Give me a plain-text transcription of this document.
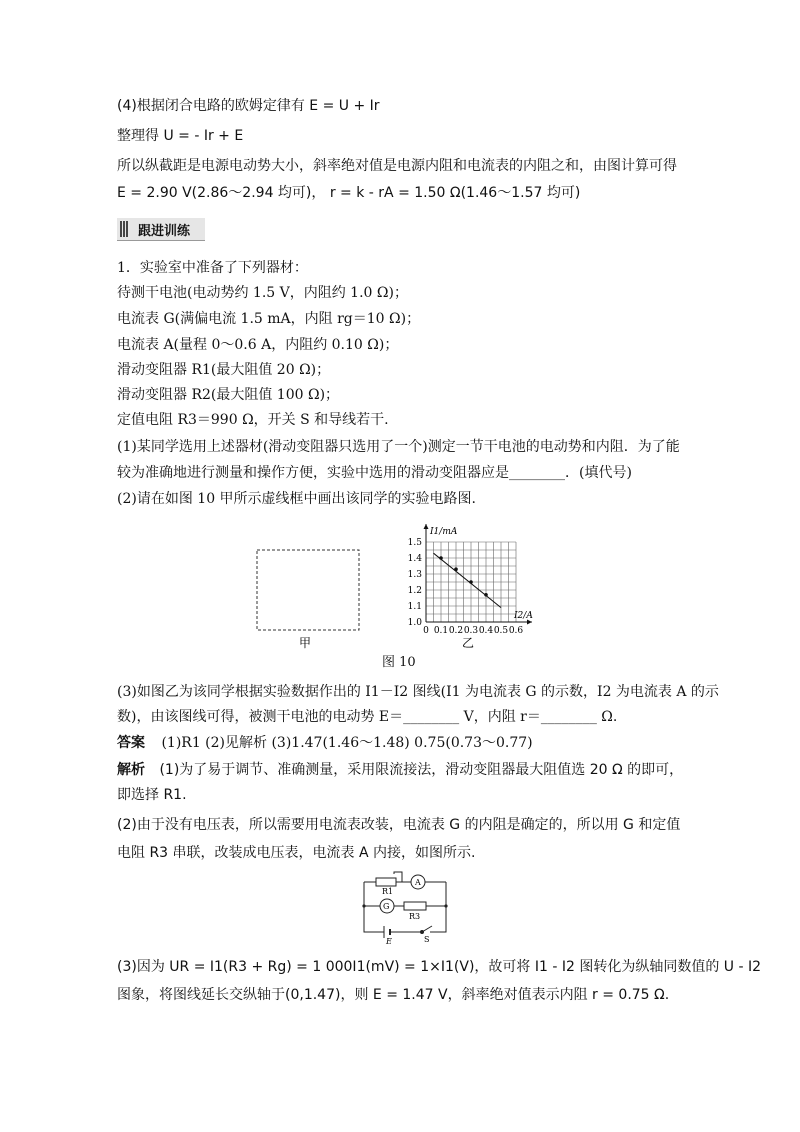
(4)根据闭合电路的欧姆定律有 E = U + Ir
整理得 U = - Ir + E
所以纵截距是电源电动势大小，斜率绝对值是电源内阻和电流表的内阻之和，由图计算可得
E = 2.90 V(2.86～2.94 均可)， r = k - rA = 1.50 Ω(1.46～1.57 均可)
跟进训练
1．实验室中准备了下列器材：
待测干电池(电动势约 1.5 V，内阻约 1.0 Ω)；
电流表 G(满偏电流 1.5 mA，内阻 rg＝10 Ω)；
电流表 A(量程 0～0.6 A，内阻约 0.10 Ω)；
滑动变阻器 R1(最大阻值 20 Ω)；
滑动变阻器 R2(最大阻值 100 Ω)；
定值电阻 R3＝990 Ω，开关 S 和导线若干.
(1)某同学选用上述器材(滑动变阻器只选用了一个)测定一节干电池的电动势和内阻．为了能
较为准确地进行测量和操作方便，实验中选用的滑动变阻器应是________．(填代号)
(2)请在如图 10 甲所示虚线框中画出该同学的实验电路图.
甲
0 0.1 0.2 0.3 0.4 0.5 0.6
1.0
1.1
1.2
1.3
1.4
1.5
I1/mA
I2/A
乙
图 10
(3)如图乙为该同学根据实验数据作出的 I1－I2 图线(I1 为电流表 G 的示数，I2 为电流表 A 的示
数)，由该图线可得，被测干电池的电动势 E＝________ V，内阻 r＝________ Ω.
答案 (1)R1 (2)见解析 (3)1.47(1.46～1.48) 0.75(0.73～0.77)
解析 (1)为了易于调节、准确测量，采用限流接法，滑动变阻器最大阻值选 20 Ω 的即可，
即选择 R1.
(2)由于没有电压表，所以需要用电流表改装，电流表 G 的内阻是确定的，所以用 G 和定值
电阻 R3 串联，改装成电压表，电流表 A 内接，如图所示.
R1
A
G
R3
E	S
(3)因为 UR = I1(R3 + Rg) = 1 000I1(mV) = 1×I1(V)，故可将 I1 - I2 图转化为纵轴同数值的 U - I2
图象，将图线延长交纵轴于(0,1.47)，则 E = 1.47 V，斜率绝对值表示内阻 r = 0.75 Ω.
